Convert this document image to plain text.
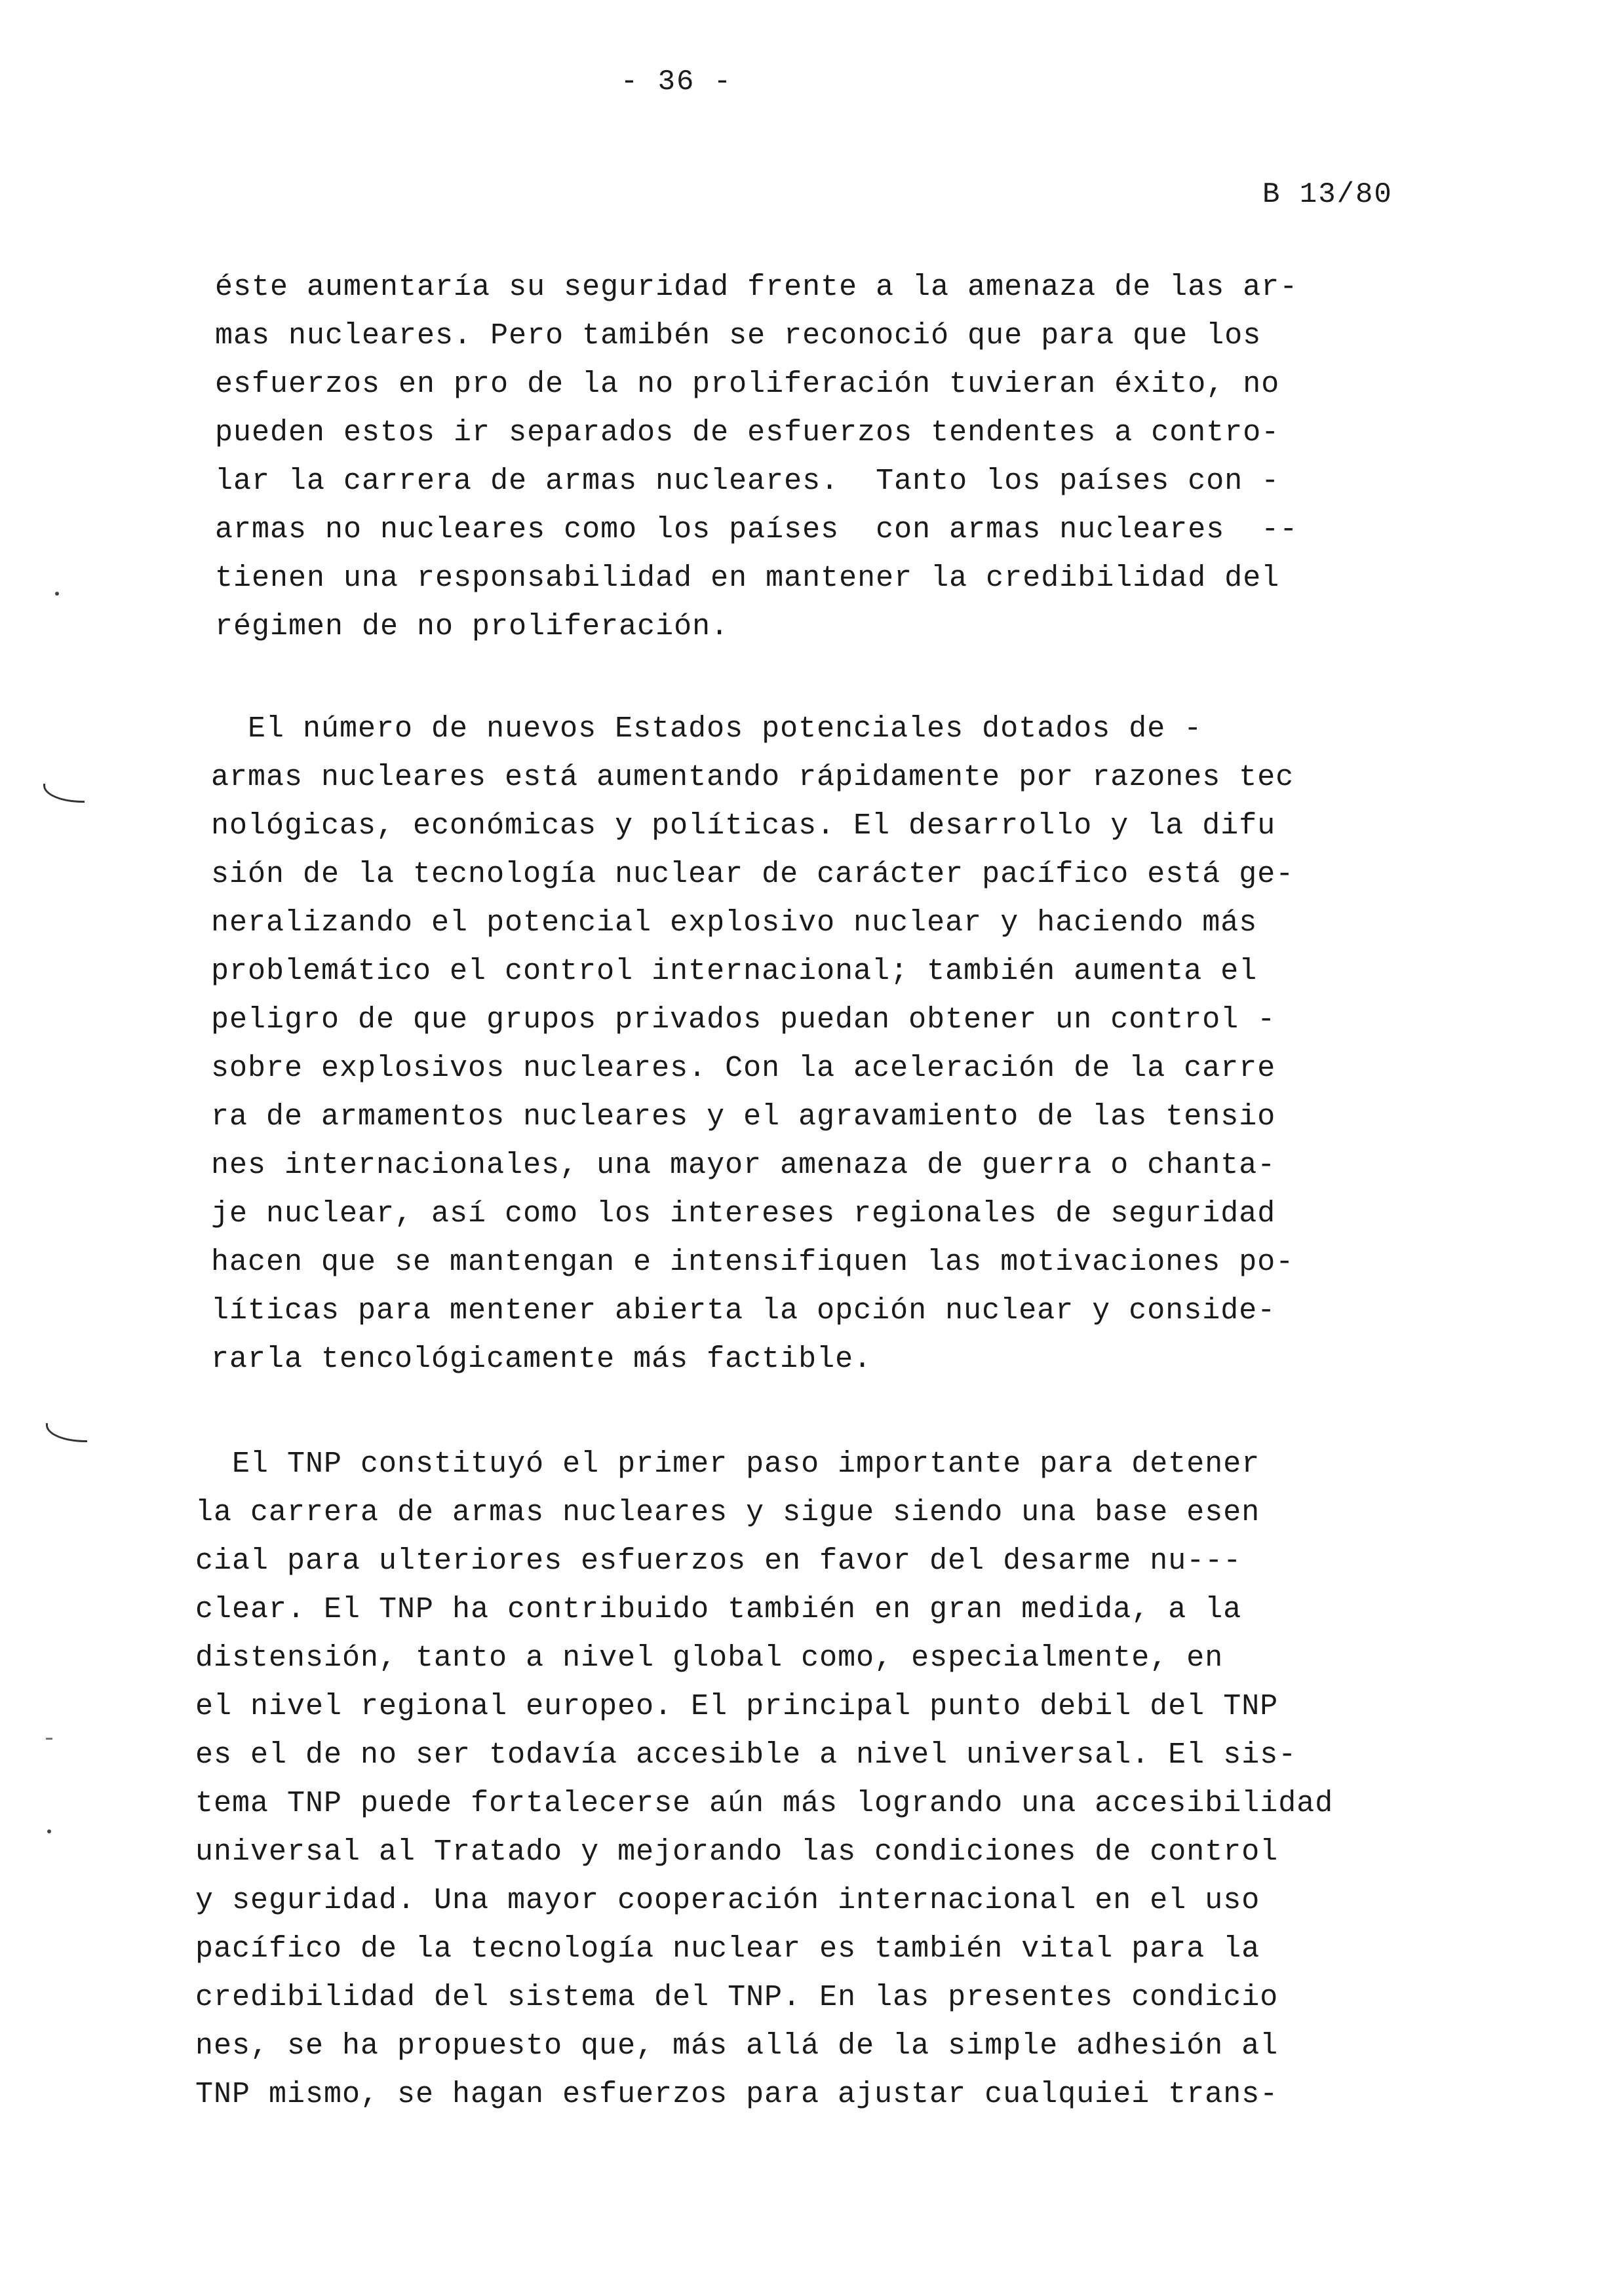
- 36 -
B 13/80
éste aumentaría su seguridad frente a la amenaza de las ar-
mas nucleares. Pero tamibén se reconoció que para que los
esfuerzos en pro de la no proliferación tuvieran éxito, no
pueden estos ir separados de esfuerzos tendentes a contro-
lar la carrera de armas nucleares.  Tanto los países con -
armas no nucleares como los países  con armas nucleares  --
tienen una responsabilidad en mantener la credibilidad del
régimen de no proliferación.
El número de nuevos Estados potenciales dotados de -
armas nucleares está aumentando rápidamente por razones tec
nológicas, económicas y políticas. El desarrollo y la difu
sión de la tecnología nuclear de carácter pacífico está ge-
neralizando el potencial explosivo nuclear y haciendo más
problemático el control internacional; también aumenta el
peligro de que grupos privados puedan obtener un control -
sobre explosivos nucleares. Con la aceleración de la carre
ra de armamentos nucleares y el agravamiento de las tensio
nes internacionales, una mayor amenaza de guerra o chanta-
je nuclear, así como los intereses regionales de seguridad
hacen que se mantengan e intensifiquen las motivaciones po-
líticas para mentener abierta la opción nuclear y conside-
rarla tencológicamente más factible.
El TNP constituyó el primer paso importante para detener
la carrera de armas nucleares y sigue siendo una base esen
cial para ulteriores esfuerzos en favor del desarme nu---
clear. El TNP ha contribuido también en gran medida, a la
distensión, tanto a nivel global como, especialmente, en
el nivel regional europeo. El principal punto debil del TNP
es el de no ser todavía accesible a nivel universal. El sis-
tema TNP puede fortalecerse aún más logrando una accesibilidad
universal al Tratado y mejorando las condiciones de control
y seguridad. Una mayor cooperación internacional en el uso
pacífico de la tecnología nuclear es también vital para la
credibilidad del sistema del TNP. En las presentes condicio
nes, se ha propuesto que, más allá de la simple adhesión al
TNP mismo, se hagan esfuerzos para ajustar cualquiei trans-
